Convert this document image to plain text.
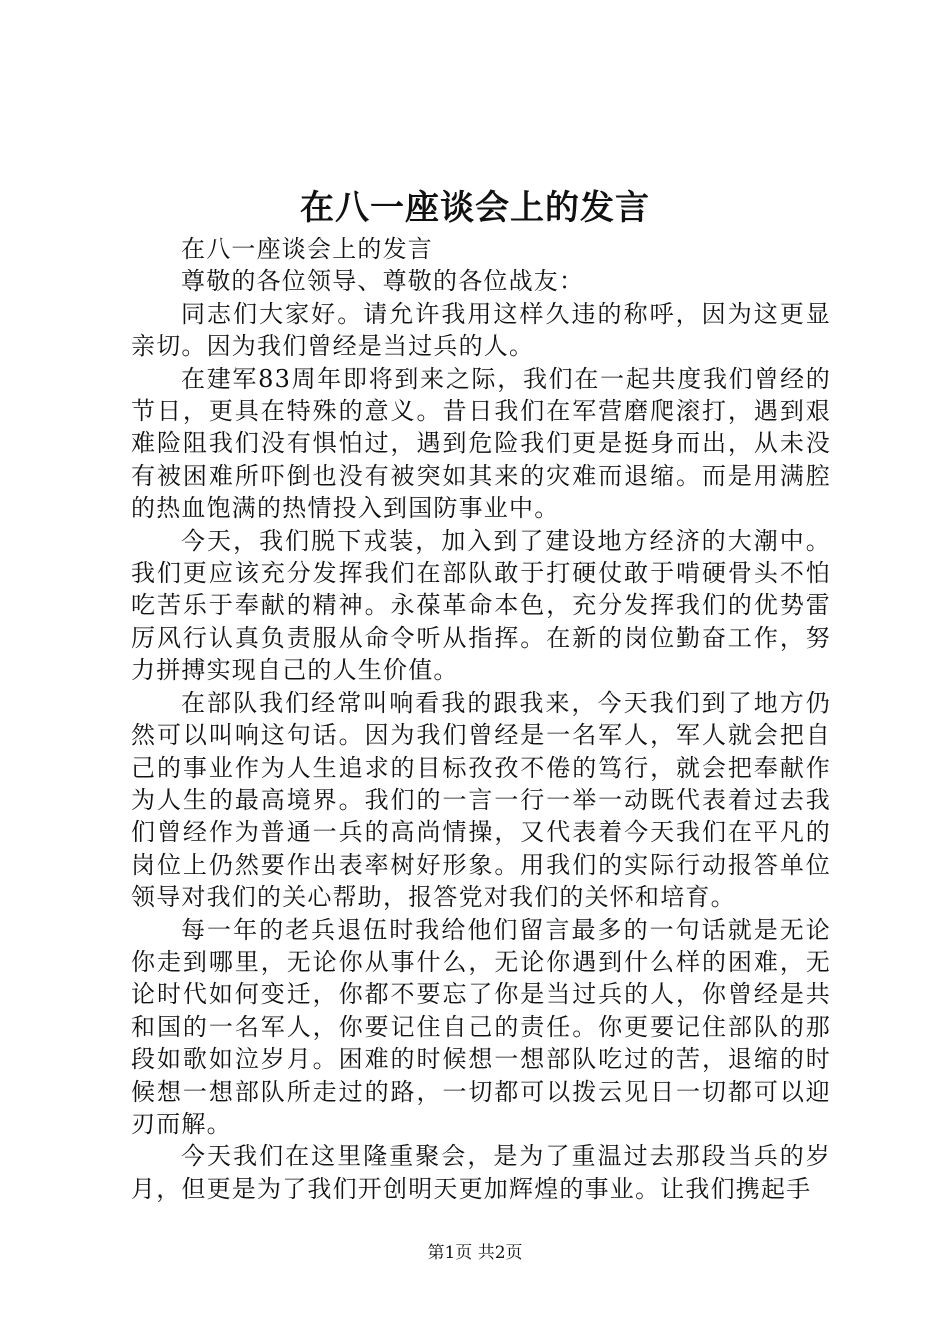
在八一座谈会上的发言

在八一座谈会上的发言

尊敬的各位领导、尊敬的各位战友：

同志们大家好。请允许我用这样久违的称呼，因为这更显亲切。因为我们曾经是当过兵的人。

在建军83周年即将到来之际，我们在一起共度我们曾经的节日，更具在特殊的意义。昔日我们在军营磨爬滚打，遇到艰难险阻我们没有惧怕过，遇到危险我们更是挺身而出，从未没有被困难所吓倒也没有被突如其来的灾难而退缩。而是用满腔的热血饱满的热情投入到国防事业中。

今天，我们脱下戎装，加入到了建设地方经济的大潮中。我们更应该充分发挥我们在部队敢于打硬仗敢于啃硬骨头不怕吃苦乐于奉献的精神。永葆革命本色，充分发挥我们的优势雷厉风行认真负责服从命令听从指挥。在新的岗位勤奋工作，努力拼搏实现自己的人生价值。

在部队我们经常叫响看我的跟我来，今天我们到了地方仍然可以叫响这句话。因为我们曾经是一名军人，军人就会把自己的事业作为人生追求的目标孜孜不倦的笃行，就会把奉献作为人生的最高境界。我们的一言一行一举一动既代表着过去我们曾经作为普通一兵的高尚情操，又代表着今天我们在平凡的岗位上仍然要作出表率树好形象。用我们的实际行动报答单位领导对我们的关心帮助，报答党对我们的关怀和培育。

每一年的老兵退伍时我给他们留言最多的一句话就是无论你走到哪里，无论你从事什么，无论你遇到什么样的困难，无论时代如何变迁，你都不要忘了你是当过兵的人，你曾经是共和国的一名军人，你要记住自己的责任。你更要记住部队的那段如歌如泣岁月。困难的时候想一想部队吃过的苦，退缩的时候想一想部队所走过的路，一切都可以拨云见日一切都可以迎刃而解。

今天我们在这里隆重聚会，是为了重温过去那段当兵的岁月，但更是为了我们开创明天更加辉煌的事业。让我们携起手

第1页 共2页
